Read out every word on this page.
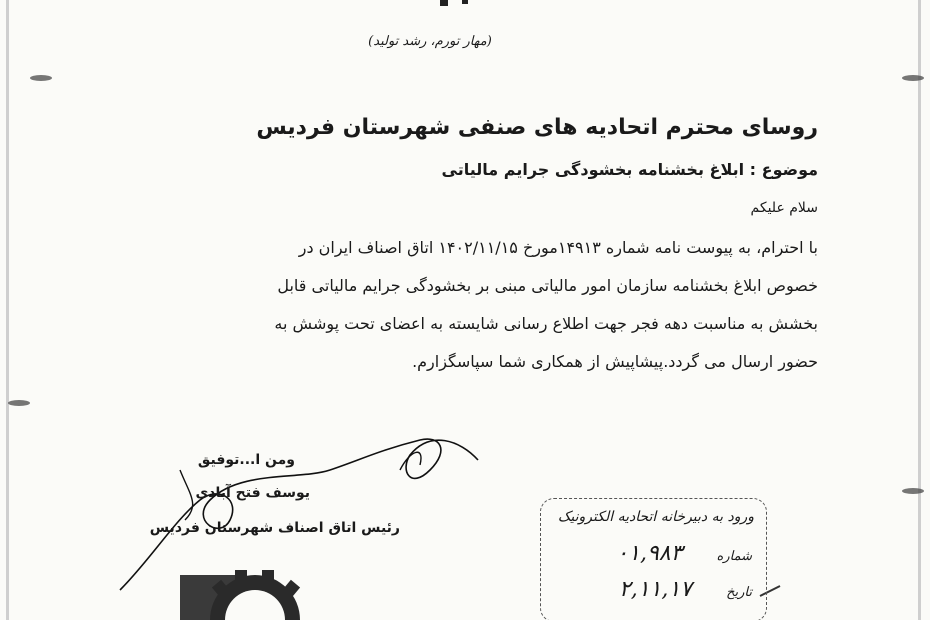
(مهار تورم، رشد تولید)
روسای محترم اتحادیه های صنفی شهرستان فردیس
موضوع : ابلاغ بخشنامه بخشودگی جرایم مالیاتی
سلام علیکم
با احترام، به پیوست نامه شماره ۱۴۹۱۳مورخ ۱۴۰۲/۱۱/۱۵ اتاق اصناف ایران در
خصوص ابلاغ بخشنامه سازمان امور مالیاتی مبنی بر بخشودگی جرایم مالیاتی قابل
بخشش به مناسبت دهه فجر جهت اطلاع رسانی شایسته به اعضای تحت پوشش به
حضور ارسال می گردد.پیشاپیش از همکاری شما سپاسگزارم.
ومن ا...توفیق
یوسف فتح آبادی
رئیس اتاق اصناف شهرستان فردیس
ورود به دبیرخانه اتحادیه الکترونیک
شماره ۰۱,۹۸۳
تاریخ ۲,۱۱,۱۷
